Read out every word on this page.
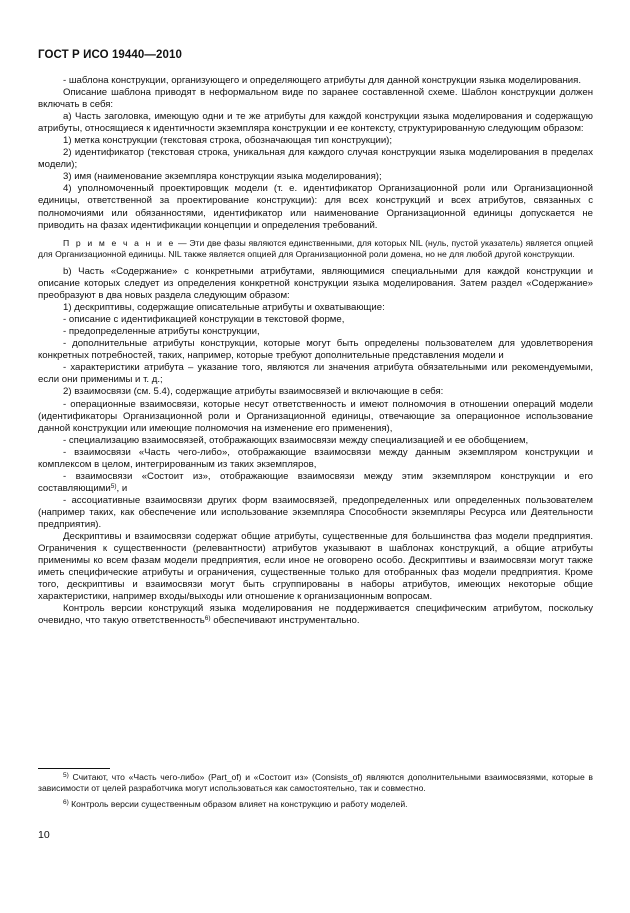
ГОСТ Р ИСО 19440—2010

- шаблона конструкции, организующего и определяющего атрибуты для данной конструкции языка моделирования.

Описание шаблона приводят в неформальном виде по заранее составленной схеме. Шаблон конструкции должен включать в себя:

а) Часть заголовка, имеющую одни и те же атрибуты для каждой конструкции языка моделирования и содержащую атрибуты, относящиеся к идентичности экземпляра конструкции и ее контексту, структурированную следующим образом:

1) метка конструкции (текстовая строка, обозначающая тип конструкции);

2) идентификатор (текстовая строка, уникальная для каждого случая конструкции языка моделирования в пределах модели);

3) имя (наименование экземпляра конструкции языка моделирования);

4) уполномоченный проектировщик модели (т. е. идентификатор Организационной роли или Организационной единицы, ответственной за проектирование конструкции): для всех конструкций и всех атрибутов, связанных с полномочиями или обязанностями, идентификатор или наименование Организационной единицы допускается не приводить на фазах идентификации концепции и определения требований.

П р и м е ч а н и е — Эти две фазы являются единственными, для которых NIL (нуль, пустой указатель) является опцией для Организационной единицы. NIL также является опцией для Организационной роли домена, но не для любой другой конструкции.

b) Часть «Содержание» с конкретными атрибутами, являющимися специальными для каждой конструкции и описание которых следует из определения конкретной конструкции языка моделирования. Затем раздел «Содержание» преобразуют в два новых раздела следующим образом:

1) дескриптивы, содержащие описательные атрибуты и охватывающие:

- описание с идентификацией конструкции в текстовой форме,

- предопределенные атрибуты конструкции,

- дополнительные атрибуты конструкции, которые могут быть определены пользователем для удовлетворения конкретных потребностей, таких, например, которые требуют дополнительные представления модели и

- характеристики атрибута – указание того, являются ли значения атрибута обязательными или рекомендуемыми, если они применимы и т. д.;

2) взаимосвязи (см. 5.4), содержащие атрибуты взаимосвязей и включающие в себя:

- операционные взаимосвязи, которые несут ответственность и имеют полномочия в отношении операций модели (идентификаторы Организационной роли и Организационной единицы, отвечающие за операционное использование данной конструкции или имеющие полномочия на изменение его применения),

- специализацию взаимосвязей, отображающих взаимосвязи между специализацией и ее обобщением,

- взаимосвязи «Часть чего-либо», отображающие взаимосвязи между данным экземпляром конструкции и комплексом в целом, интегрированным из таких экземпляров,

- взаимосвязи «Состоит из», отображающие взаимосвязи между этим экземпляром конструкции и его составляющими$^{5)}$, и

- ассоциативные взаимосвязи других форм взаимосвязей, предопределенных или определенных пользователем (например таких, как обеспечение или использование экземпляра Способности экземпляры Ресурса или Деятельности предприятия).

Дескриптивы и взаимосвязи содержат общие атрибуты, существенные для большинства фаз модели предприятия. Ограничения к существенности (релевантности) атрибутов указывают в шаблонах конструкций, а общие атрибуты применимы ко всем фазам модели предприятия, если иное не оговорено особо. Дескриптивы и взаимосвязи могут также иметь специфические атрибуты и ограничения, существенные только для отобранных фаз модели предприятия. Кроме того, дескриптивы и взаимосвязи могут быть сгруппированы в наборы атрибутов, имеющих некоторые общие характеристики, например входы/выходы или отношение к организационным вопросам.

Контроль версии конструкций языка моделирования не поддерживается специфическим атрибутом, поскольку очевидно, что такую ответственность$^{6)}$ обеспечивают инструментально.

$^{5)}$ Считают, что «Часть чего-либо» (Part_of) и «Состоит из» (Consists_of) являются дополнительными взаимосвязями, которые в зависимости от целей разработчика могут использоваться как самостоятельно, так и совместно.

$^{6)}$ Контроль версии существенным образом влияет на конструкцию и работу моделей.

10
